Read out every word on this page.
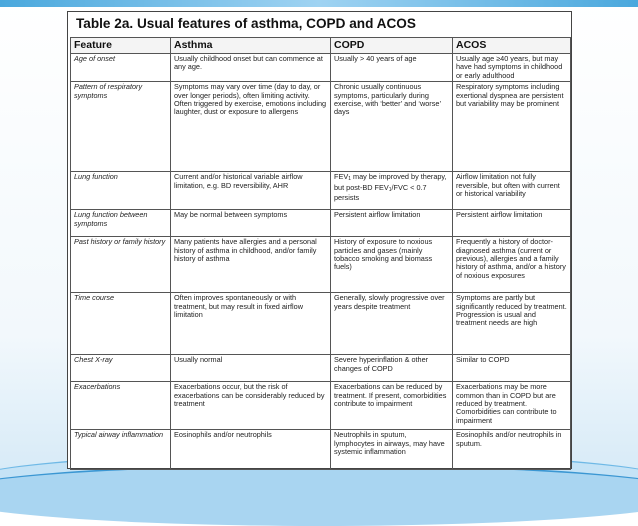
Table 2a. Usual features of asthma, COPD and ACOS
Feature	Asthma	COPD	ACOS
Age of onset	Usually childhood onset but can commence at any age.	Usually > 40 years of age	Usually age ≥40 years, but may have had symptoms in childhood or early adulthood
Pattern of respiratory symptoms	Symptoms may vary over time (day to day, or over longer periods), often limiting activity. Often triggered by exercise, emotions including laughter, dust or exposure to allergens	Chronic usually continuous symptoms, particularly during exercise, with ‘better’ and ‘worse’ days	Respiratory symptoms including exertional dyspnea are persistent but variability may be prominent
Lung function	Current and/or historical variable airflow limitation, e.g. BD reversibility, AHR	$FEV_1$ may be improved by therapy, but post-BD $FEV_1$/FVC < 0.7 persists	Airflow limitation not fully reversible, but often with current or historical variability
Lung function between symptoms	May be normal between symptoms	Persistent airflow limitation	Persistent airflow limitation
Past history or family history	Many patients have allergies and a personal history of asthma in childhood, and/or family history of asthma	History of exposure to noxious particles and gases (mainly tobacco smoking and biomass fuels)	Frequently a history of doctor-diagnosed asthma (current or previous), allergies and a family history of asthma, and/or a history of noxious exposures
Time course	Often improves spontaneously or with treatment, but may result in fixed airflow limitation	Generally, slowly progressive over years despite treatment	Symptoms are partly but significantly reduced by treatment. Progression is usual and treatment needs are high
Chest X-ray	Usually normal	Severe hyperinflation & other changes of COPD	Similar to COPD
Exacerbations	Exacerbations occur, but the risk of exacerbations can be considerably reduced by treatment	Exacerbations can be reduced by treatment. If present, comorbidities contribute to impairment	Exacerbations may be more common than in COPD but are reduced by treatment. Comorbidities can contribute to impairment
Typical airway inflammation	Eosinophils and/or neutrophils	Neutrophils in sputum, lymphocytes in airways, may have systemic inflammation	Eosinophils and/or neutrophils in sputum.
